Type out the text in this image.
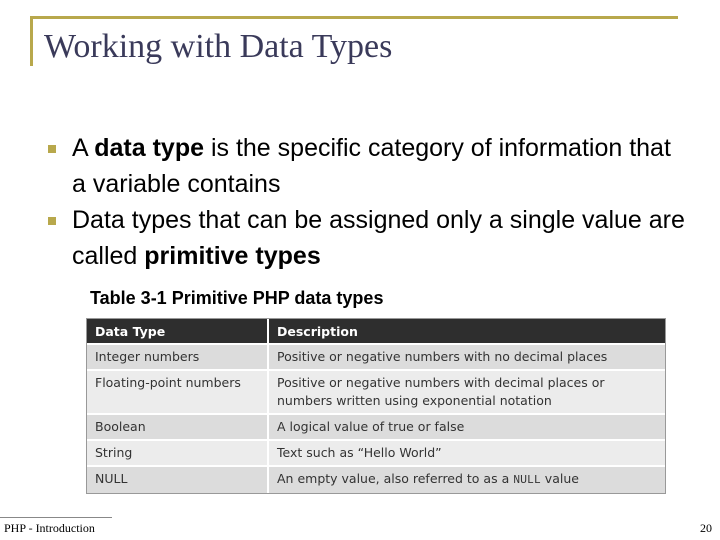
Working with Data Types
A data type is the specific category of information that a variable contains
Data types that can be assigned only a single value are called primitive types
Table 3-1 Primitive PHP data types
Data Type	Description
Integer numbers	Positive or negative numbers with no decimal places
Floating-point numbers	Positive or negative numbers with decimal places or numbers written using exponential notation
Boolean	A logical value of true or false
String	Text such as “Hello World”
NULL	An empty value, also referred to as a NULL value
PHP - Introduction	20
